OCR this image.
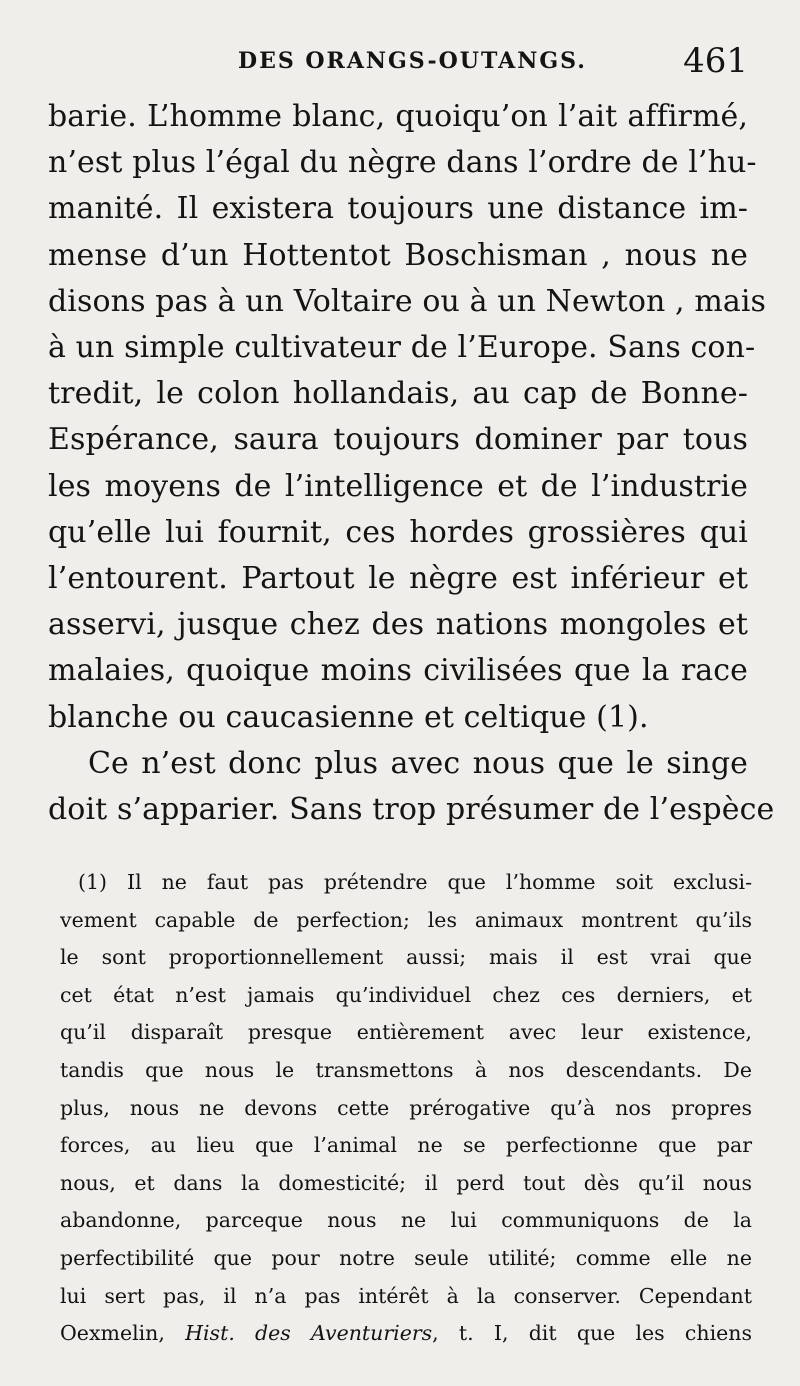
DES ORANGS-OUTANGS.	461
barie. L’homme blanc, quoiqu’on l’ait affirmé,
n’est plus l’égal du nègre dans l’ordre de l’hu-
manité. Il existera toujours une distance im-
mense d’un Hottentot Boschisman , nous ne
disons pas à un Voltaire ou à un Newton , mais
à un simple cultivateur de l’Europe. Sans con-
tredit, le colon hollandais, au cap de Bonne-
Espérance, saura toujours dominer par tous
les moyens de l’intelligence et de l’industrie
qu’elle lui fournit, ces hordes grossières qui
l’entourent. Partout le nègre est inférieur et
asservi, jusque chez des nations mongoles et
malaies, quoique moins civilisées que la race
blanche ou caucasienne et celtique (1).
Ce n’est donc plus avec nous que le singe
doit s’apparier. Sans trop présumer de l’espèce
(1) Il ne faut pas prétendre que l’homme soit exclusi-
vement capable de perfection; les animaux montrent qu’ils
le sont proportionnellement aussi; mais il est vrai que
cet état n’est jamais qu’individuel chez ces derniers, et
qu’il disparaît presque entièrement avec leur existence,
tandis que nous le transmettons à nos descendants. De
plus, nous ne devons cette prérogative qu’à nos propres
forces, au lieu que l’animal ne se perfectionne que par
nous, et dans la domesticité; il perd tout dès qu’il nous
abandonne, parceque nous ne lui communiquons de la
perfectibilité que pour notre seule utilité; comme elle ne
lui sert pas, il n’a pas intérêt à la conserver. Cependant
Oexmelin, Hist. des Aventuriers, t. I, dit que les chiens
